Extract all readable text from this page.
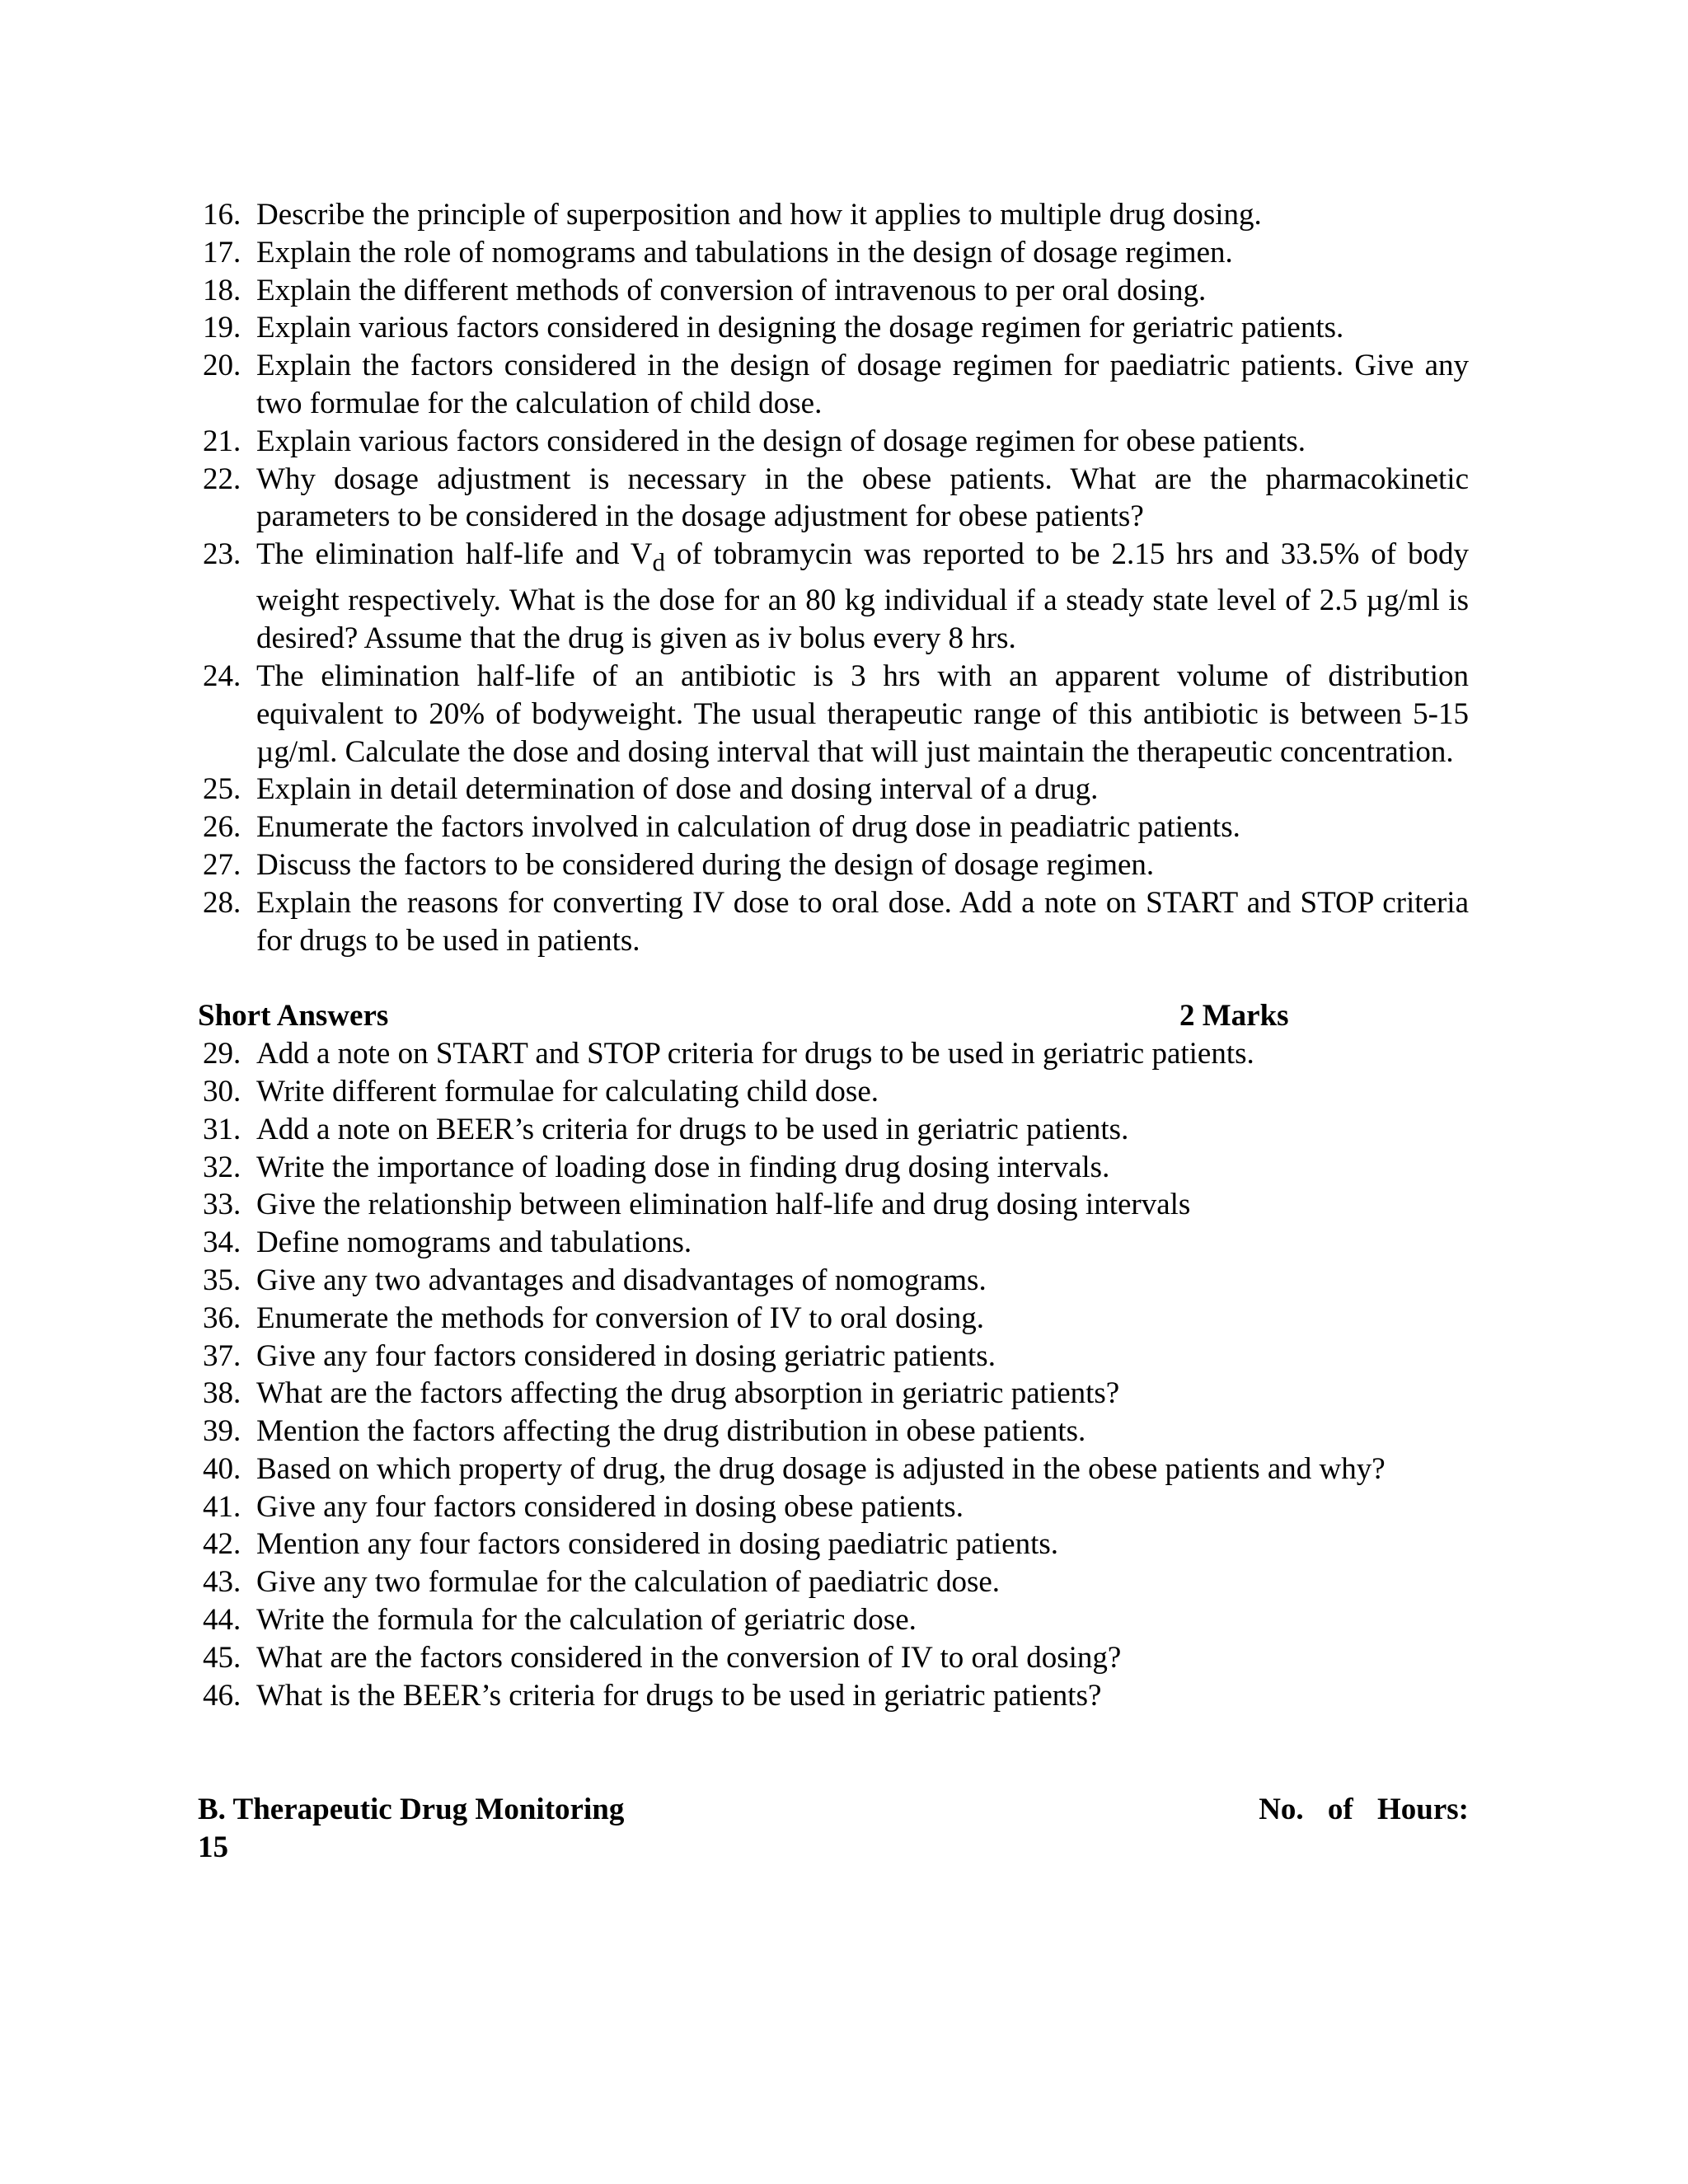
16. Describe the principle of superposition and how it applies to multiple drug dosing.
17. Explain the role of nomograms and tabulations in the design of dosage regimen.
18. Explain the different methods of conversion of intravenous to per oral dosing.
19. Explain various factors considered in designing the dosage regimen for geriatric patients.
20. Explain the factors considered in the design of dosage regimen for paediatric patients. Give any two formulae for the calculation of child dose.
21. Explain various factors considered in the design of dosage regimen for obese patients.
22. Why dosage adjustment is necessary in the obese patients. What are the pharmacokinetic parameters to be considered in the dosage adjustment for obese patients?
23. The elimination half-life and $V_d$ of tobramycin was reported to be 2.15 hrs and 33.5% of body weight respectively. What is the dose for an 80 kg individual if a steady state level of 2.5 µg/ml is desired? Assume that the drug is given as iv bolus every 8 hrs.
24. The elimination half-life of an antibiotic is 3 hrs with an apparent volume of distribution equivalent to 20% of bodyweight. The usual therapeutic range of this antibiotic is between 5-15 µg/ml. Calculate the dose and dosing interval that will just maintain the therapeutic concentration.
25. Explain in detail determination of dose and dosing interval of a drug.
26. Enumerate the factors involved in calculation of drug dose in peadiatric patients.
27. Discuss the factors to be considered during the design of dosage regimen.
28. Explain the reasons for converting IV dose to oral dose. Add a note on START and STOP criteria for drugs to be used in patients.
Short Answers	2 Marks
29. Add a note on START and STOP criteria for drugs to be used in geriatric patients.
30. Write different formulae for calculating child dose.
31. Add a note on BEER’s criteria for drugs to be used in geriatric patients.
32. Write the importance of loading dose in finding drug dosing intervals.
33. Give the relationship between elimination half-life and drug dosing intervals
34. Define nomograms and tabulations.
35. Give any two advantages and disadvantages of nomograms.
36. Enumerate the methods for conversion of IV to oral dosing.
37. Give any four factors considered in dosing geriatric patients.
38. What are the factors affecting the drug absorption in geriatric patients?
39. Mention the factors affecting the drug distribution in obese patients.
40. Based on which property of drug, the drug dosage is adjusted in the obese patients and why?
41. Give any four factors considered in dosing obese patients.
42. Mention any four factors considered in dosing paediatric patients.
43. Give any two formulae for the calculation of paediatric dose.
44. Write the formula for the calculation of geriatric dose.
45. What are the factors considered in the conversion of IV to oral dosing?
46. What is the BEER’s criteria for drugs to be used in geriatric patients?
B. Therapeutic Drug Monitoring	No. of Hours:
15
